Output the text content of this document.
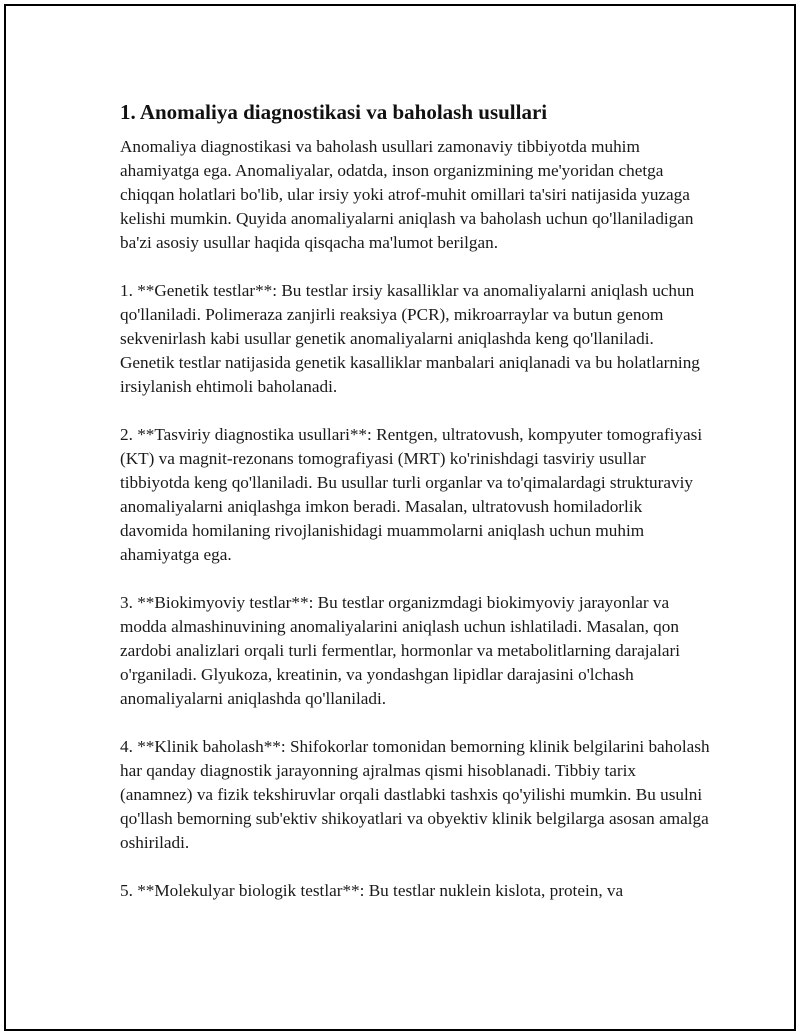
1. Anomaliya diagnostikasi va baholash usullari

Anomaliya diagnostikasi va baholash usullari zamonaviy tibbiyotda muhim ahamiyatga ega. Anomaliyalar, odatda, inson organizmining me'yoridan chetga chiqqan holatlari bo'lib, ular irsiy yoki atrof-muhit omillari ta'siri natijasida yuzaga kelishi mumkin. Quyida anomaliyalarni aniqlash va baholash uchun qo'llaniladigan ba'zi asosiy usullar haqida qisqacha ma'lumot berilgan.

1. **Genetik testlar**: Bu testlar irsiy kasalliklar va anomaliyalarni aniqlash uchun qo'llaniladi. Polimeraza zanjirli reaksiya (PCR), mikroarraylar va butun genom sekvenirlash kabi usullar genetik anomaliyalarni aniqlashda keng qo'llaniladi. Genetik testlar natijasida genetik kasalliklar manbalari aniqlanadi va bu holatlarning irsiylanish ehtimoli baholanadi.

2. **Tasviriy diagnostika usullari**: Rentgen, ultratovush, kompyuter tomografiyasi (KT) va magnit-rezonans tomografiyasi (MRT) ko'rinishdagi tasviriy usullar tibbiyotda keng qo'llaniladi. Bu usullar turli organlar va to'qimalardagi strukturaviy anomaliyalarni aniqlashga imkon beradi. Masalan, ultratovush homiladorlik davomida homilaning rivojlanishidagi muammolarni aniqlash uchun muhim ahamiyatga ega.

3. **Biokimyoviy testlar**: Bu testlar organizmdagi biokimyoviy jarayonlar va modda almashinuvining anomaliyalarini aniqlash uchun ishlatiladi. Masalan, qon zardobi analizlari orqali turli fermentlar, hormonlar va metabolitlarning darajalari o'rganiladi. Glyukoza, kreatinin, va yondashgan lipidlar darajasini o'lchash anomaliyalarni aniqlashda qo'llaniladi.

4. **Klinik baholash**: Shifokorlar tomonidan bemorning klinik belgilarini baholash har qanday diagnostik jarayonning ajralmas qismi hisoblanadi. Tibbiy tarix (anamnez) va fizik tekshiruvlar orqali dastlabki tashxis qo'yilishi mumkin. Bu usulni qo'llash bemorning sub'ektiv shikoyatlari va obyektiv klinik belgilarga asosan amalga oshiriladi.

5. **Molekulyar biologik testlar**: Bu testlar nuklein kislota, protein, va
